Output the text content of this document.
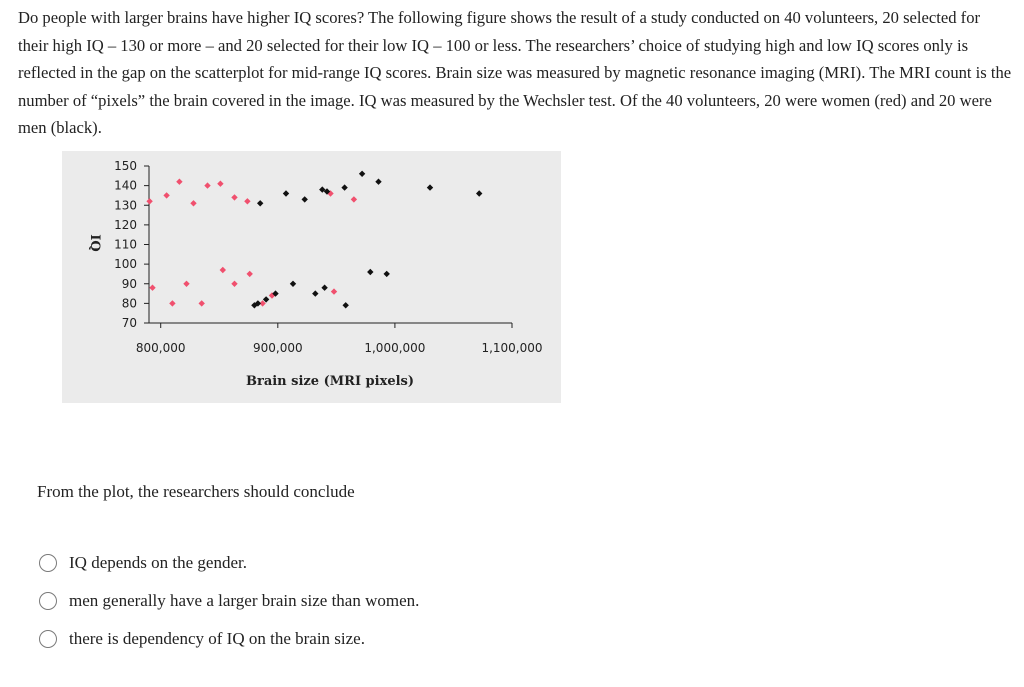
Do people with larger brains have higher IQ scores? The following figure shows the result of a study conducted on 40 volunteers, 20 selected for their high IQ – 130 or more – and 20 selected for their low IQ – 100 or less. The researchers’ choice of studying high and low IQ scores only is reflected in the gap on the scatterplot for mid-range IQ scores. Brain size was measured by magnetic resonance imaging (MRI). The MRI count is the number of “pixels” the brain covered in the image. IQ was measured by the Wechsler test. Of the 40 volunteers, 20 were women (red) and 20 were men (black).

70
80
90
100
110
120
130
140
150
800,000	900,000	1,000,000	1,100,000
IQ
Brain size (MRI pixels)

From the plot, the researchers should conclude

IQ depends on the gender.
men generally have a larger brain size than women.
there is dependency of IQ on the brain size.
